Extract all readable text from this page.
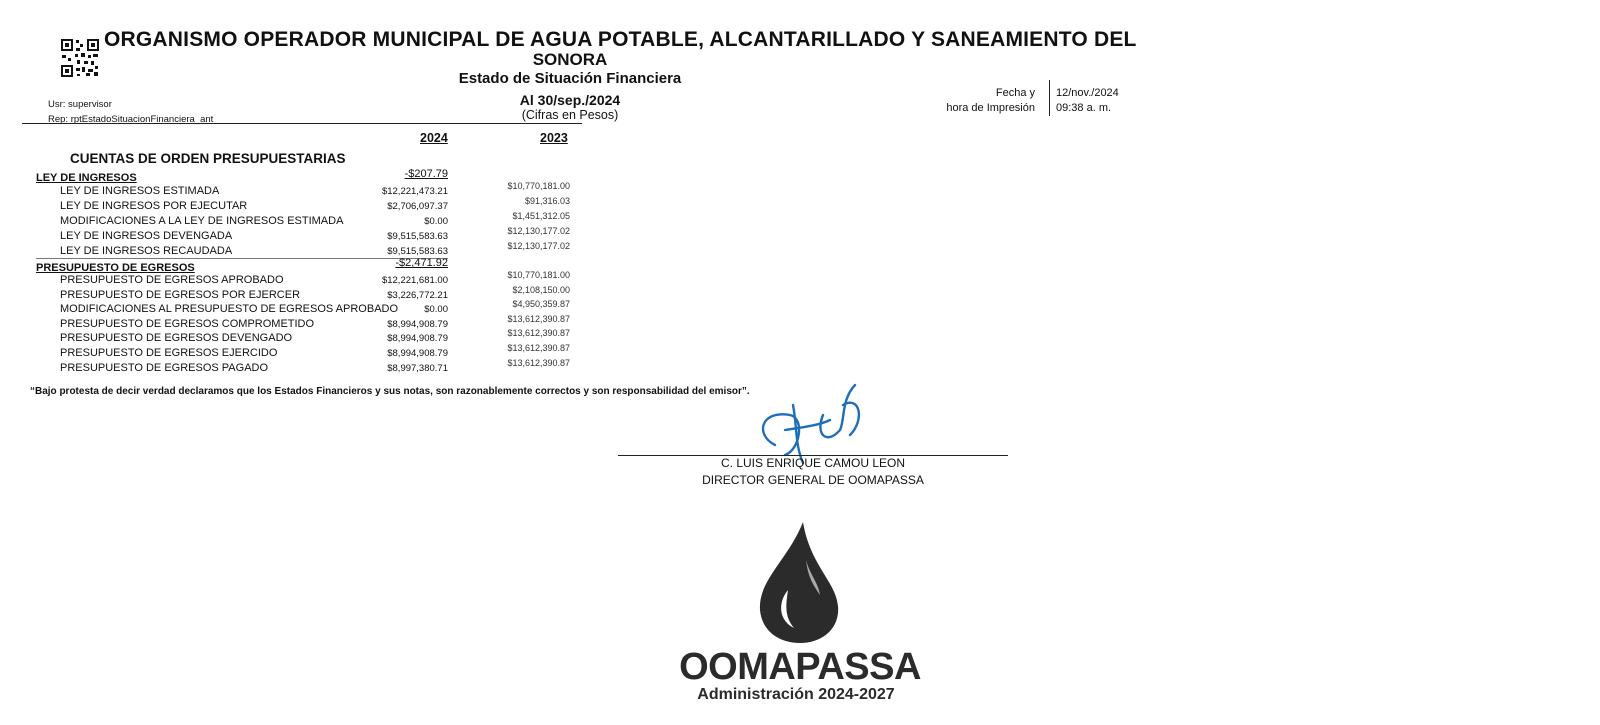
ORGANISMO OPERADOR MUNICIPAL DE AGUA POTABLE, ALCANTARILLADO Y SANEAMIENTO DEL
SONORA
Estado de Situación Financiera
Al 30/sep./2024
(Cifras en Pesos)
Usr: supervisor
Rep: rptEstadoSituacionFinanciera_ant
Fecha y
hora de Impresión
12/nov./2024
09:38 a. m.
2024	2023
CUENTAS DE ORDEN PRESUPUESTARIAS
LEY DE INGRESOS	-$207.79
LEY DE INGRESOS ESTIMADA	$12,221,473.21	$10,770,181.00
LEY DE INGRESOS POR EJECUTAR	$2,706,097.37	$91,316.03
MODIFICACIONES A LA LEY DE INGRESOS ESTIMADA	$0.00	$1,451,312.05
LEY DE INGRESOS DEVENGADA	$9,515,583.63	$12,130,177.02
LEY DE INGRESOS RECAUDADA	$9,515,583.63	$12,130,177.02
PRESUPUESTO DE EGRESOS	-$2,471.92
PRESUPUESTO DE EGRESOS APROBADO	$12,221,681.00	$10,770,181.00
PRESUPUESTO DE EGRESOS POR EJERCER	$3,226,772.21	$2,108,150.00
MODIFICACIONES AL PRESUPUESTO DE EGRESOS APROBADO	$0.00	$4,950,359.87
PRESUPUESTO DE EGRESOS COMPROMETIDO	$8,994,908.79	$13,612,390.87
PRESUPUESTO DE EGRESOS DEVENGADO	$8,994,908.79	$13,612,390.87
PRESUPUESTO DE EGRESOS EJERCIDO	$8,994,908.79	$13,612,390.87
PRESUPUESTO DE EGRESOS PAGADO	$8,997,380.71	$13,612,390.87
“Bajo protesta de decir verdad declaramos que los Estados Financieros y sus notas, son razonablemente correctos y son responsabilidad del emisor”.
C. LUIS ENRIQUE CAMOU LEON
DIRECTOR GENERAL DE OOMAPASSA
OOMAPASSA
Administración 2024-2027
